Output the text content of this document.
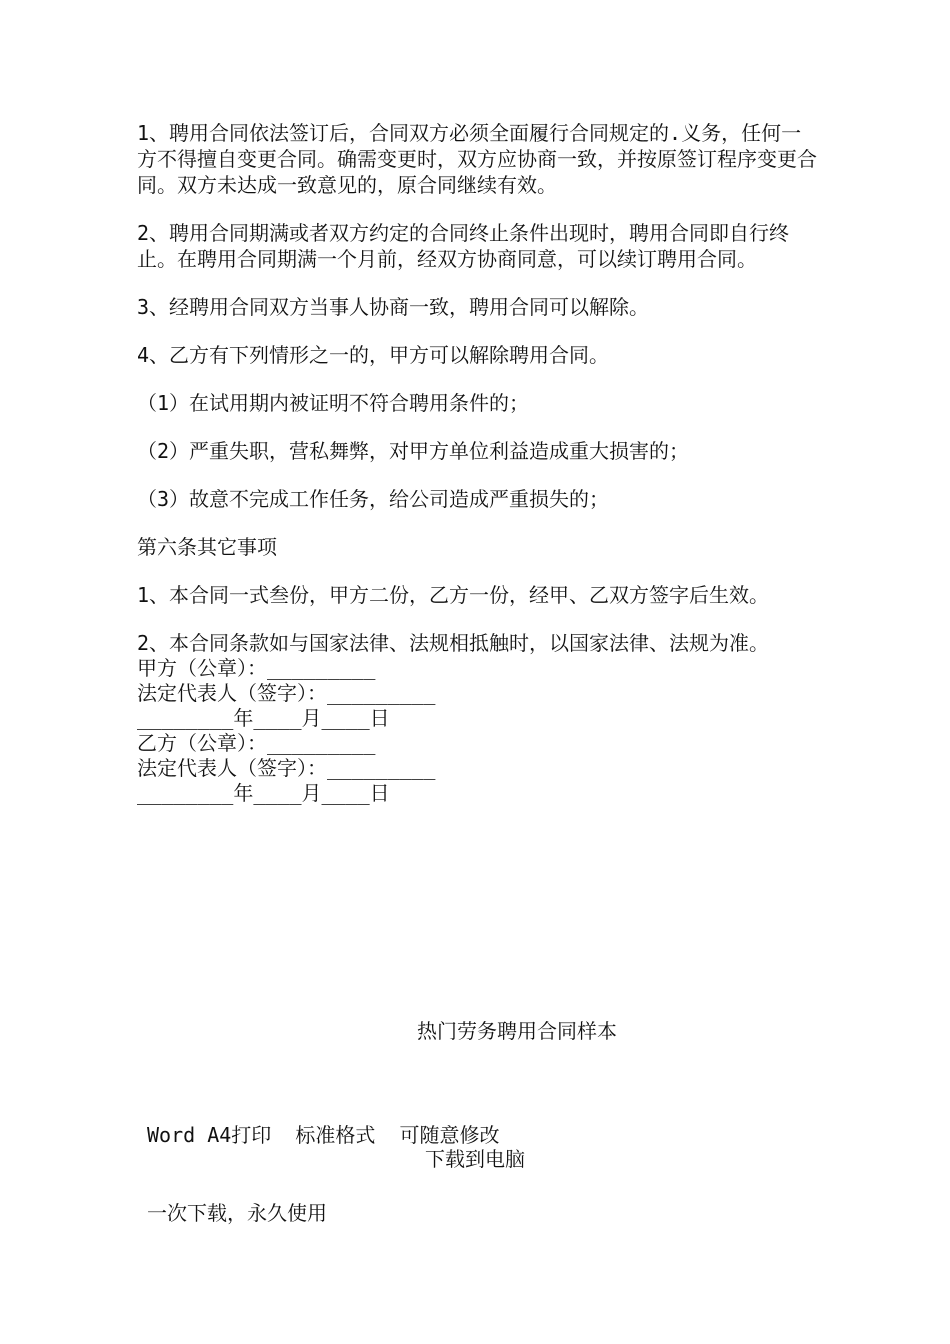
1、聘用合同依法签订后，合同双方必须全面履行合同规定的.义务，任何一方不得擅自变更合同。确需变更时，双方应协商一致，并按原签订程序变更合同。双方未达成一致意见的，原合同继续有效。

2、聘用合同期满或者双方约定的合同终止条件出现时，聘用合同即自行终止。在聘用合同期满一个月前，经双方协商同意，可以续订聘用合同。

3、经聘用合同双方当事人协商一致，聘用合同可以解除。

4、乙方有下列情形之一的，甲方可以解除聘用合同。

（1）在试用期内被证明不符合聘用条件的；

（2）严重失职，营私舞弊，对甲方单位利益造成重大损害的；

（3）故意不完成工作任务，给公司造成严重损失的；

第六条其它事项

1、本合同一式叁份，甲方二份，乙方一份，经甲、乙双方签字后生效。

2、本合同条款如与国家法律、法规相抵触时，以国家法律、法规为准。

甲方（公章）：_________

法定代表人（签字）：_________

________年____月____日

乙方（公章）：_________

法定代表人（签字）：_________

________年____月____日

热门劳务聘用合同样本

Word A4打印  标准格式  可随意修改

一次下载，永久使用

下载到电脑
